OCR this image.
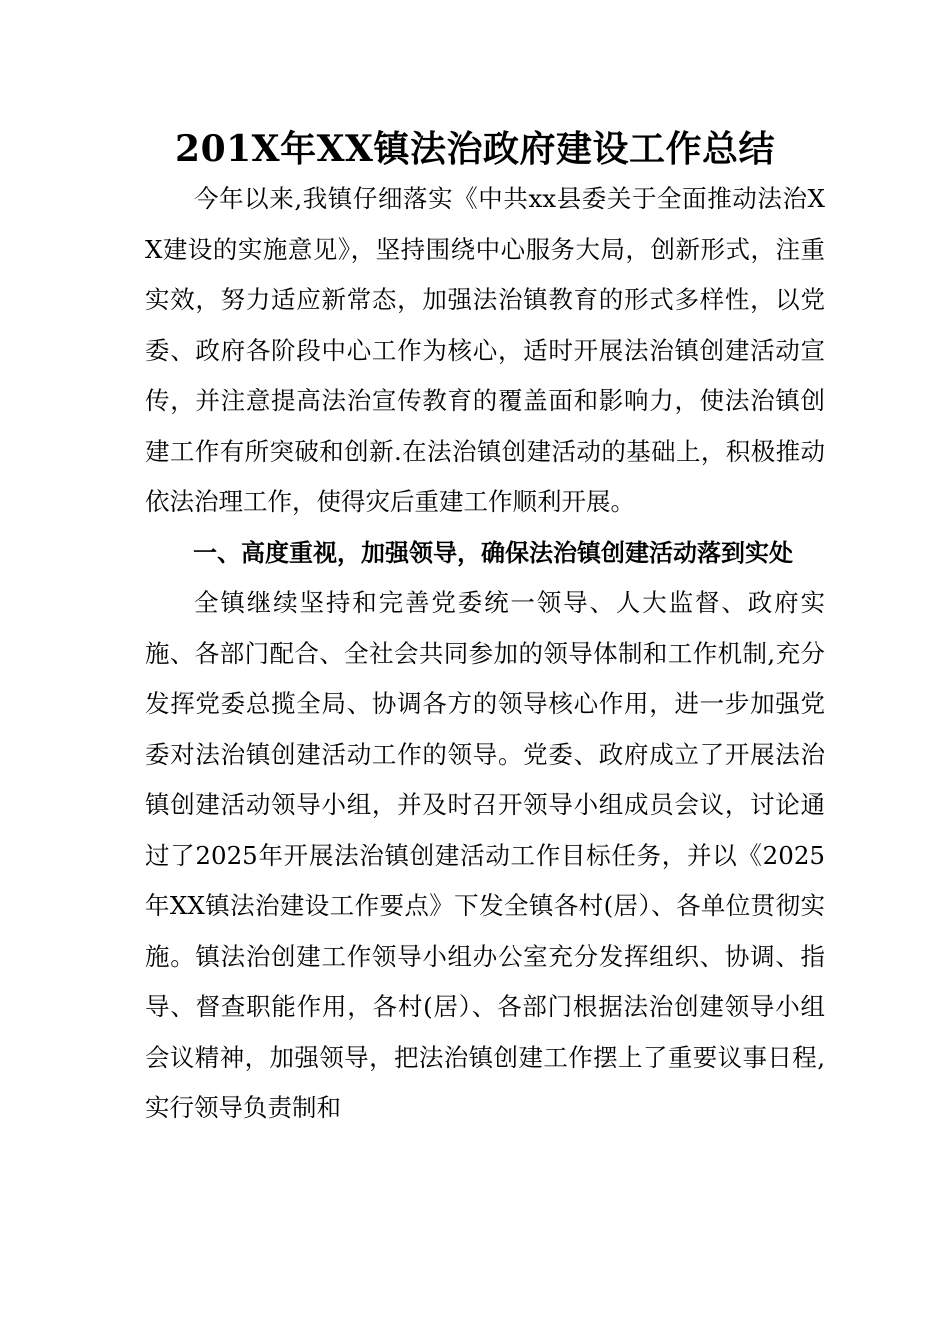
201X年XX镇法治政府建设工作总结

今年以来,我镇仔细落实《中共xx县委关于全面推动法治XX建设的实施意见》，坚持围绕中心服务大局，创新形式，注重实效，努力适应新常态，加强法治镇教育的形式多样性，以党委、政府各阶段中心工作为核心，适时开展法治镇创建活动宣传，并注意提高法治宣传教育的覆盖面和影响力，使法治镇创建工作有所突破和创新.在法治镇创建活动的基础上，积极推动依法治理工作，使得灾后重建工作顺利开展。

一、高度重视，加强领导，确保法治镇创建活动落到实处

全镇继续坚持和完善党委统一领导、人大监督、政府实施、各部门配合、全社会共同参加的领导体制和工作机制,充分发挥党委总揽全局、协调各方的领导核心作用，进一步加强党委对法治镇创建活动工作的领导。党委、政府成立了开展法治镇创建活动领导小组，并及时召开领导小组成员会议，讨论通过了2025年开展法治镇创建活动工作目标任务，并以《2025年XX镇法治建设工作要点》下发全镇各村(居）、各单位贯彻实施。镇法治创建工作领导小组办公室充分发挥组织、协调、指导、督查职能作用，各村(居）、各部门根据法治创建领导小组会议精神，加强领导，把法治镇创建工作摆上了重要议事日程,实行领导负责制和
